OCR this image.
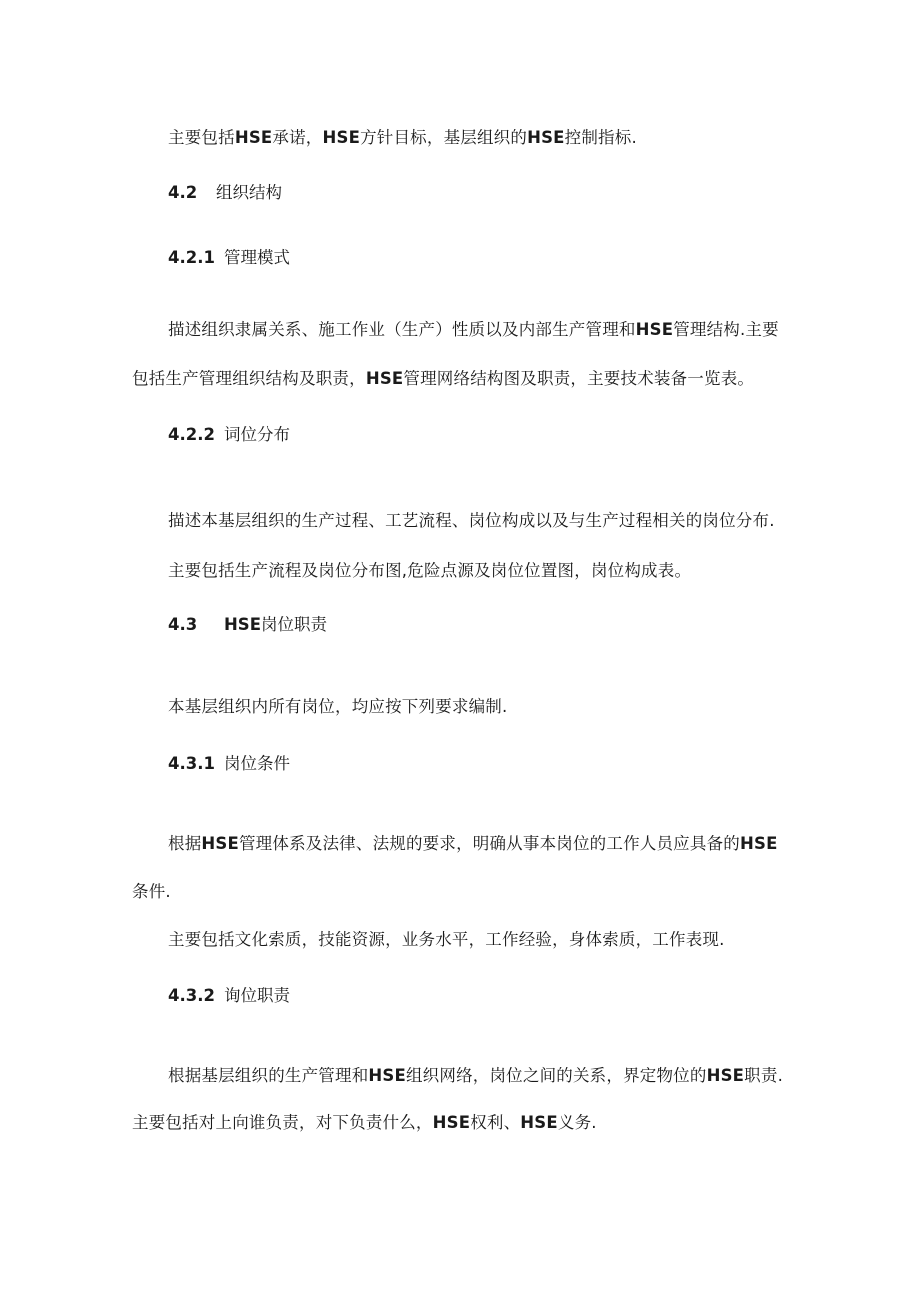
主要包括HSE承诺，HSE方针目标，基层组织的HSE控制指标.
4.2 组织结构
4.2.1 管理模式
描述组织隶属关系、施工作业（生产）性质以及内部生产管理和HSE管理结构.主要
包括生产管理组织结构及职责，HSE管理网络结构图及职责，主要技术装备一览表。
4.2.2 词位分布
描述本基层组织的生产过程、工艺流程、岗位构成以及与生产过程相关的岗位分布.
主要包括生产流程及岗位分布图,危险点源及岗位位置图，岗位构成表。
4.3 HSE岗位职责
本基层组织内所有岗位，均应按下列要求编制.
4.3.1 岗位条件
根据HSE管理体系及法律、法规的要求，明确从事本岗位的工作人员应具备的HSE
条件.
主要包括文化索质，技能资源，业务水平，工作经验，身体索质，工作表现.
4.3.2 询位职责
根据基层组织的生产管理和HSE组织网络，岗位之间的关系，界定物位的HSE职责.
主要包括对上向谁负责，对下负责什么，HSE权利、HSE义务.
